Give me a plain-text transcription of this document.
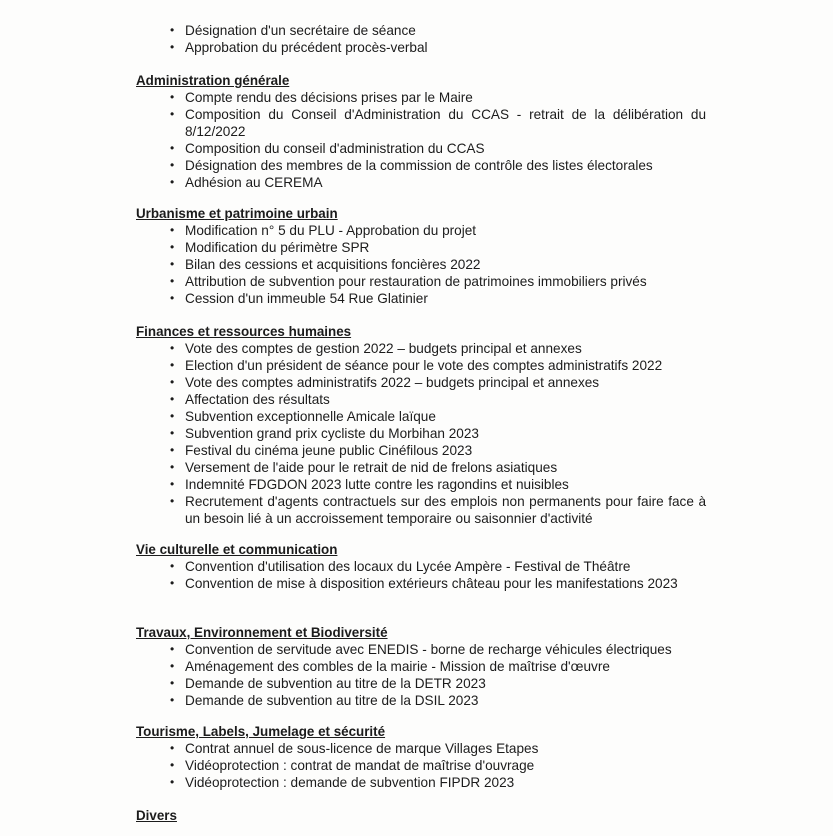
• Désignation d'un secrétaire de séance
• Approbation du précédent procès-verbal
Administration générale
• Compte rendu des décisions prises par le Maire
• Composition du Conseil d'Administration du CCAS - retrait de la délibération du 8/12/2022
• Composition du conseil d'administration du CCAS
• Désignation des membres de la commission de contrôle des listes électorales
• Adhésion au CEREMA
Urbanisme et patrimoine urbain
• Modification n° 5 du PLU - Approbation du projet
• Modification du périmètre SPR
• Bilan des cessions et acquisitions foncières 2022
• Attribution de subvention pour restauration de patrimoines immobiliers privés
• Cession d'un immeuble 54 Rue Glatinier
Finances et ressources humaines
• Vote des comptes de gestion 2022 – budgets principal et annexes
• Election d'un président de séance pour le vote des comptes administratifs 2022
• Vote des comptes administratifs 2022 – budgets principal et annexes
• Affectation des résultats
• Subvention exceptionnelle Amicale laïque
• Subvention grand prix cycliste du Morbihan 2023
• Festival du cinéma jeune public Cinéfilous 2023
• Versement de l'aide pour le retrait de nid de frelons asiatiques
• Indemnité FDGDON 2023 lutte contre les ragondins et nuisibles
• Recrutement d'agents contractuels sur des emplois non permanents pour faire face à un besoin lié à un accroissement temporaire ou saisonnier d'activité
Vie culturelle et communication
• Convention d'utilisation des locaux du Lycée Ampère - Festival de Théâtre
• Convention de mise à disposition extérieurs château pour les manifestations 2023
Travaux, Environnement et Biodiversité
• Convention de servitude avec ENEDIS - borne de recharge véhicules électriques
• Aménagement des combles de la mairie - Mission de maîtrise d'œuvre
• Demande de subvention au titre de la DETR 2023
• Demande de subvention au titre de la DSIL 2023
Tourisme, Labels, Jumelage et sécurité
• Contrat annuel de sous-licence de marque Villages Etapes
• Vidéoprotection : contrat de mandat de maîtrise d'ouvrage
• Vidéoprotection : demande de subvention FIPDR 2023
Divers
